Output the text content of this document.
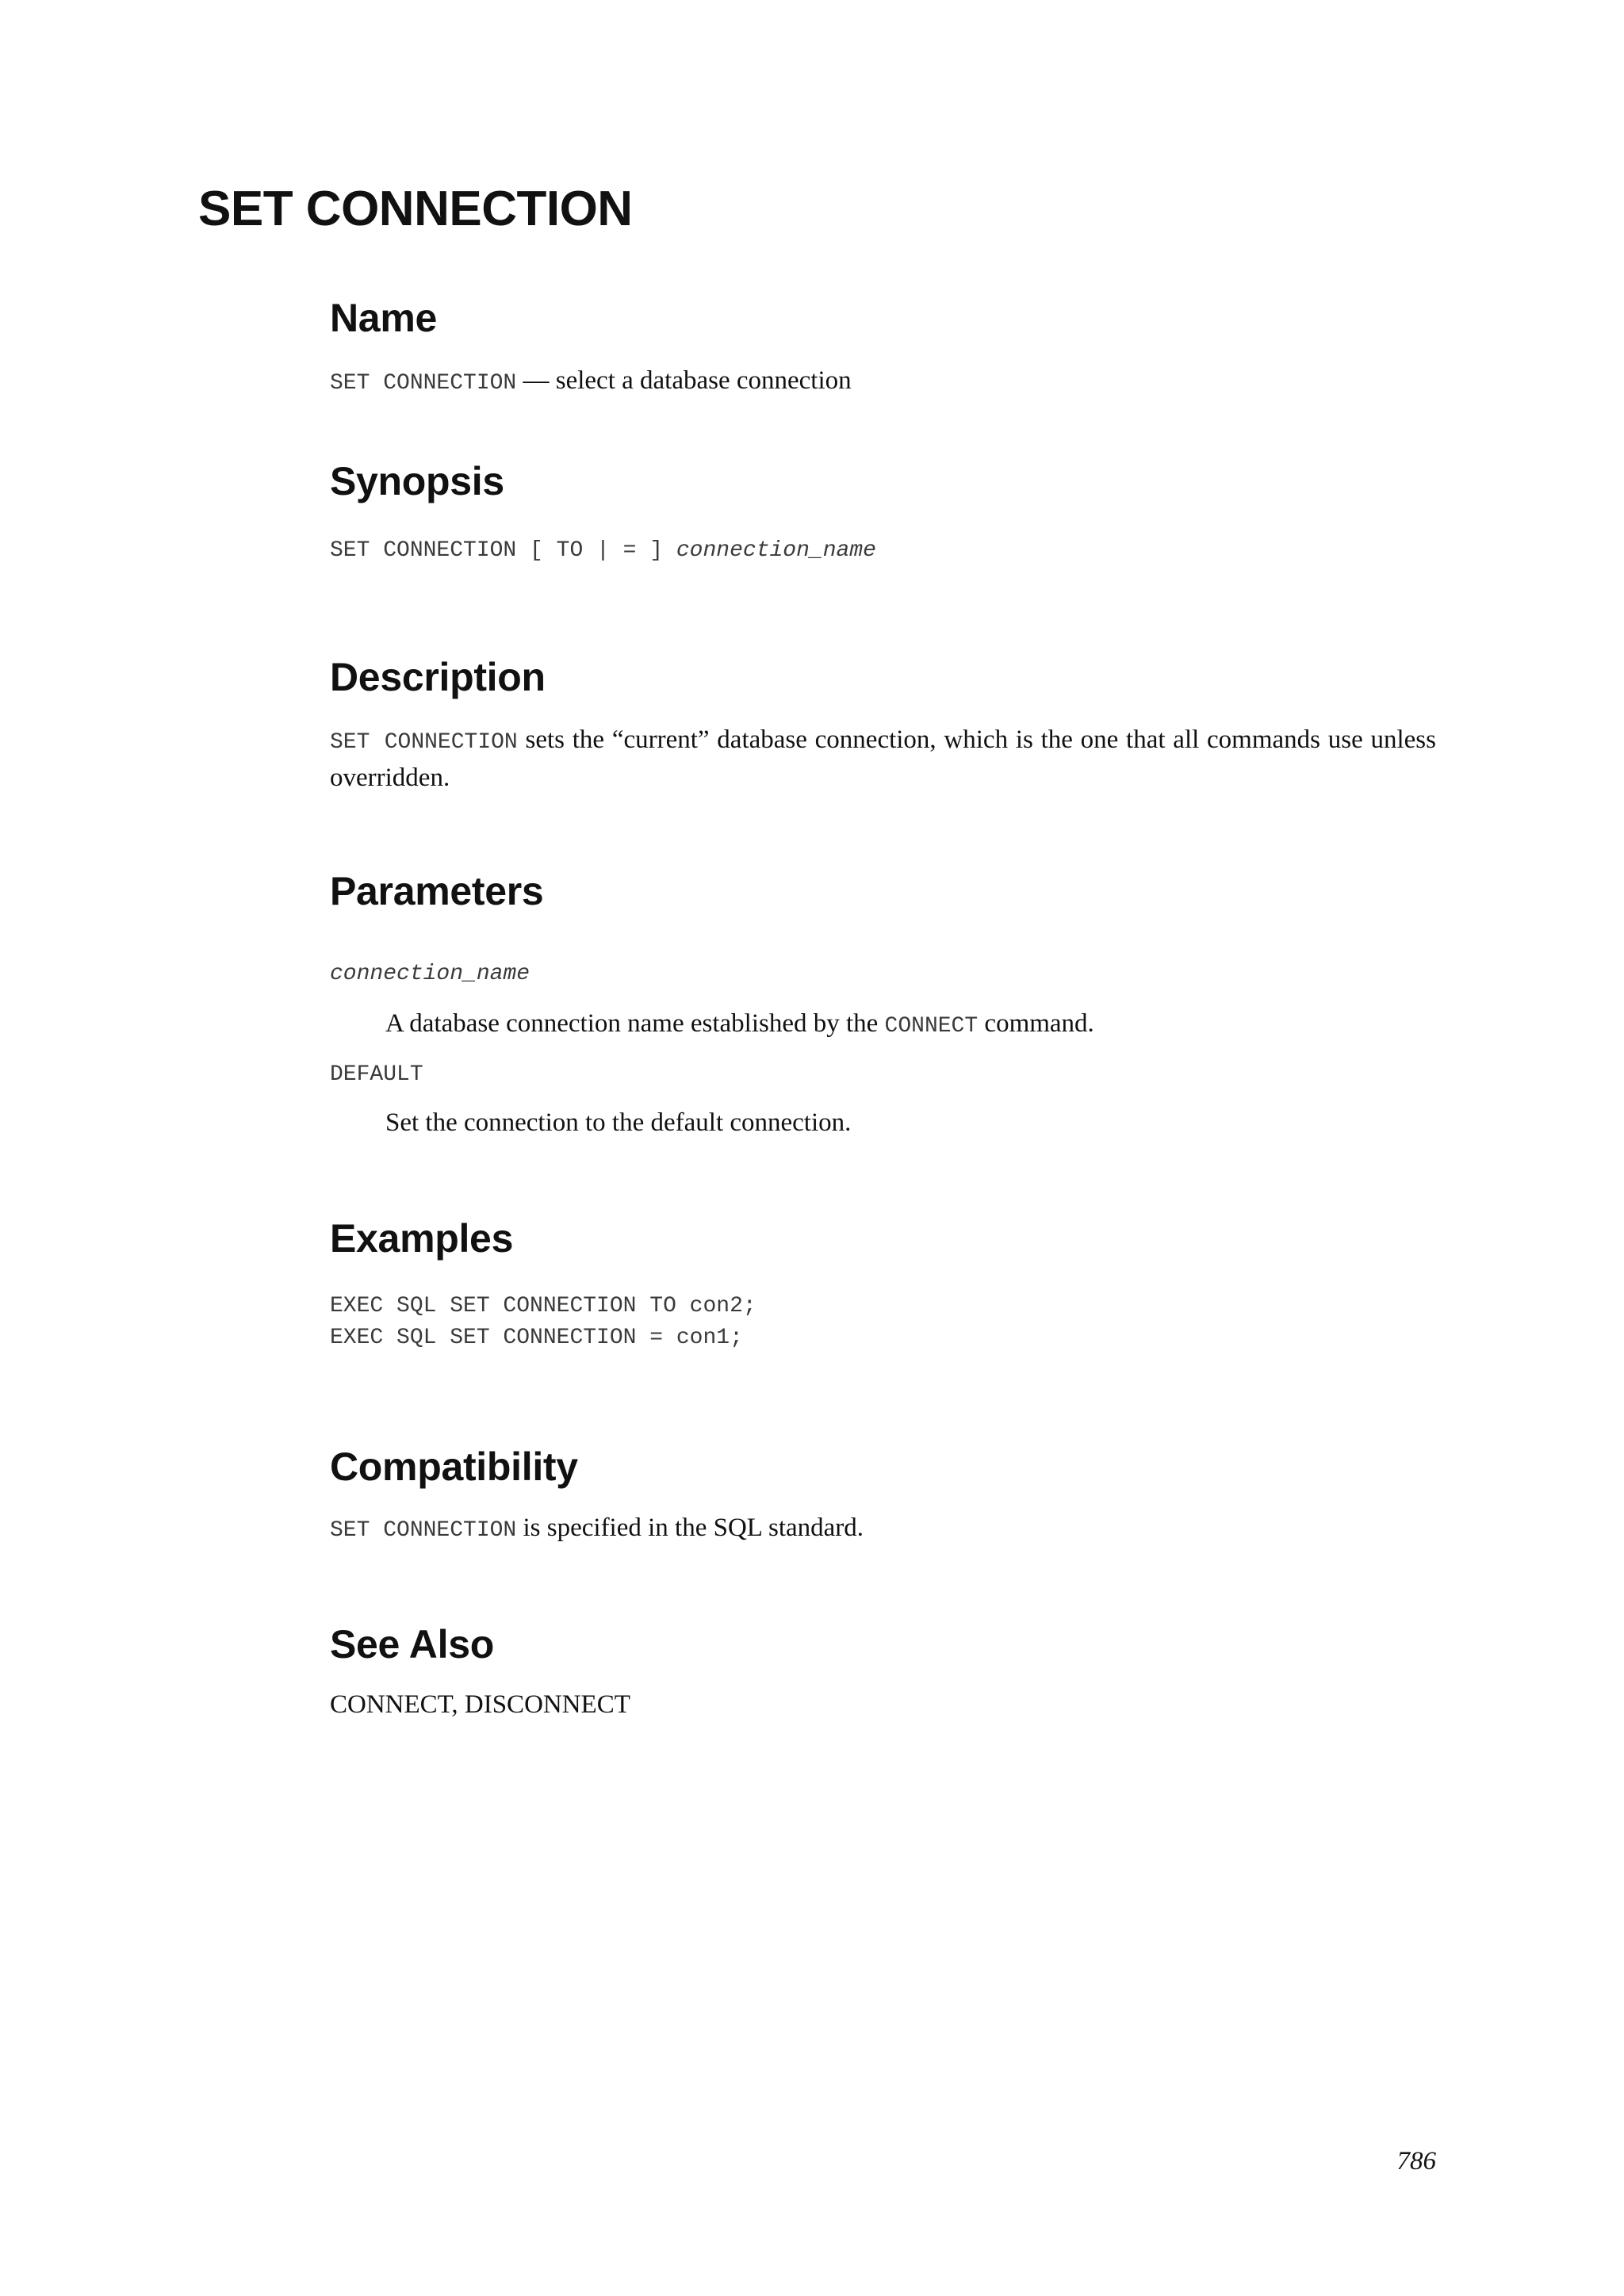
SET CONNECTION
Name

SET CONNECTION — select a database connection

Synopsis

SET CONNECTION [ TO | = ] connection_name

Description

SET CONNECTION sets the “current” database connection, which is the one that all commands use unless overridden.

Parameters

connection_name

A database connection name established by the CONNECT command.

DEFAULT

Set the connection to the default connection.

Examples
EXEC SQL SET CONNECTION TO con2;
EXEC SQL SET CONNECTION = con1;
Compatibility

SET CONNECTION is specified in the SQL standard.

See Also

CONNECT, DISCONNECT

786
